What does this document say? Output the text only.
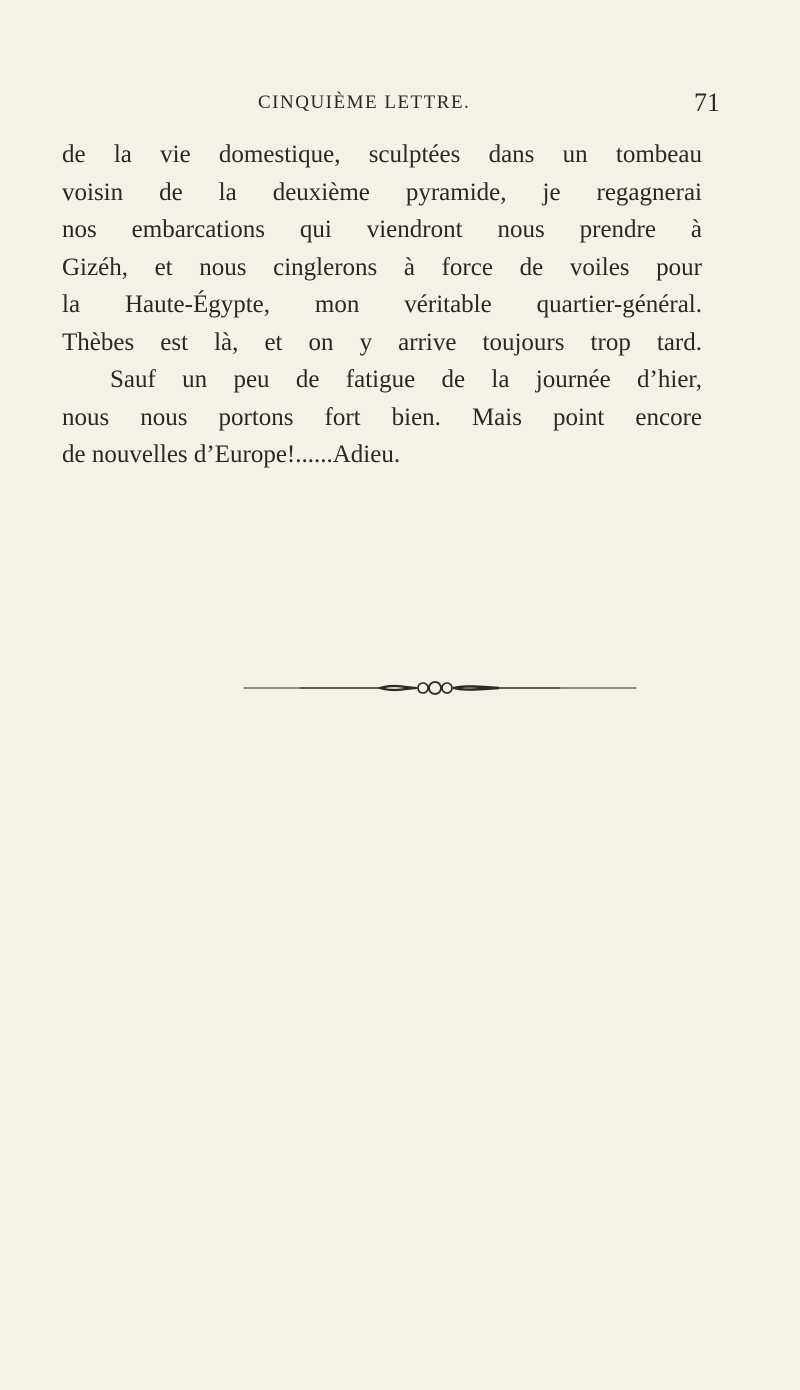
CINQUIÈME LETTRE.	71
de la vie domestique, sculptées dans un tombeau
voisin de la deuxième pyramide, je regagnerai
nos embarcations qui viendront nous prendre à
Gizéh, et nous cinglerons à force de voiles pour
la Haute-Égypte, mon véritable quartier-général.
Thèbes est là, et on y arrive toujours trop tard.
Sauf un peu de fatigue de la journée d’hier,
nous nous portons fort bien. Mais point encore
de nouvelles d’Europe!......Adieu.
